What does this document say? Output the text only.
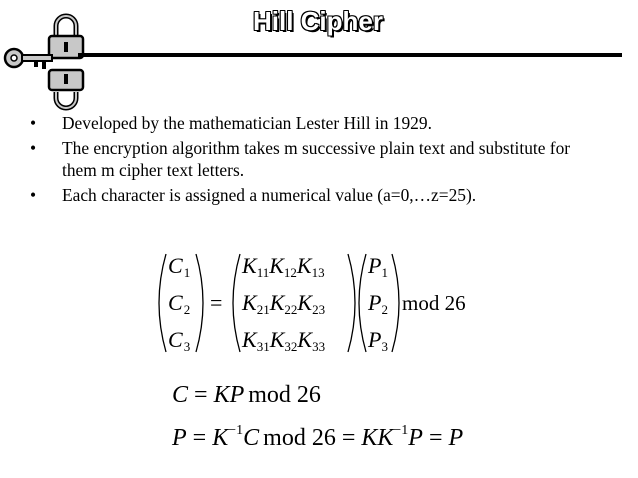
Hill Cipher
• Developed by the mathematician Lester Hill in 1929.
• The encryption algorithm takes m successive plain text and substitute for them m cipher text letters.
• Each character is assigned a numerical value (a=0,…z=25).
C1
C2
C3
=
K11K12K13
K21K22K23
K31K32K33
P1
P2
P3
mod 26
C = KP mod 26
$P = K^{-1}C$ mod $26 = KK^{-1}P = P$
